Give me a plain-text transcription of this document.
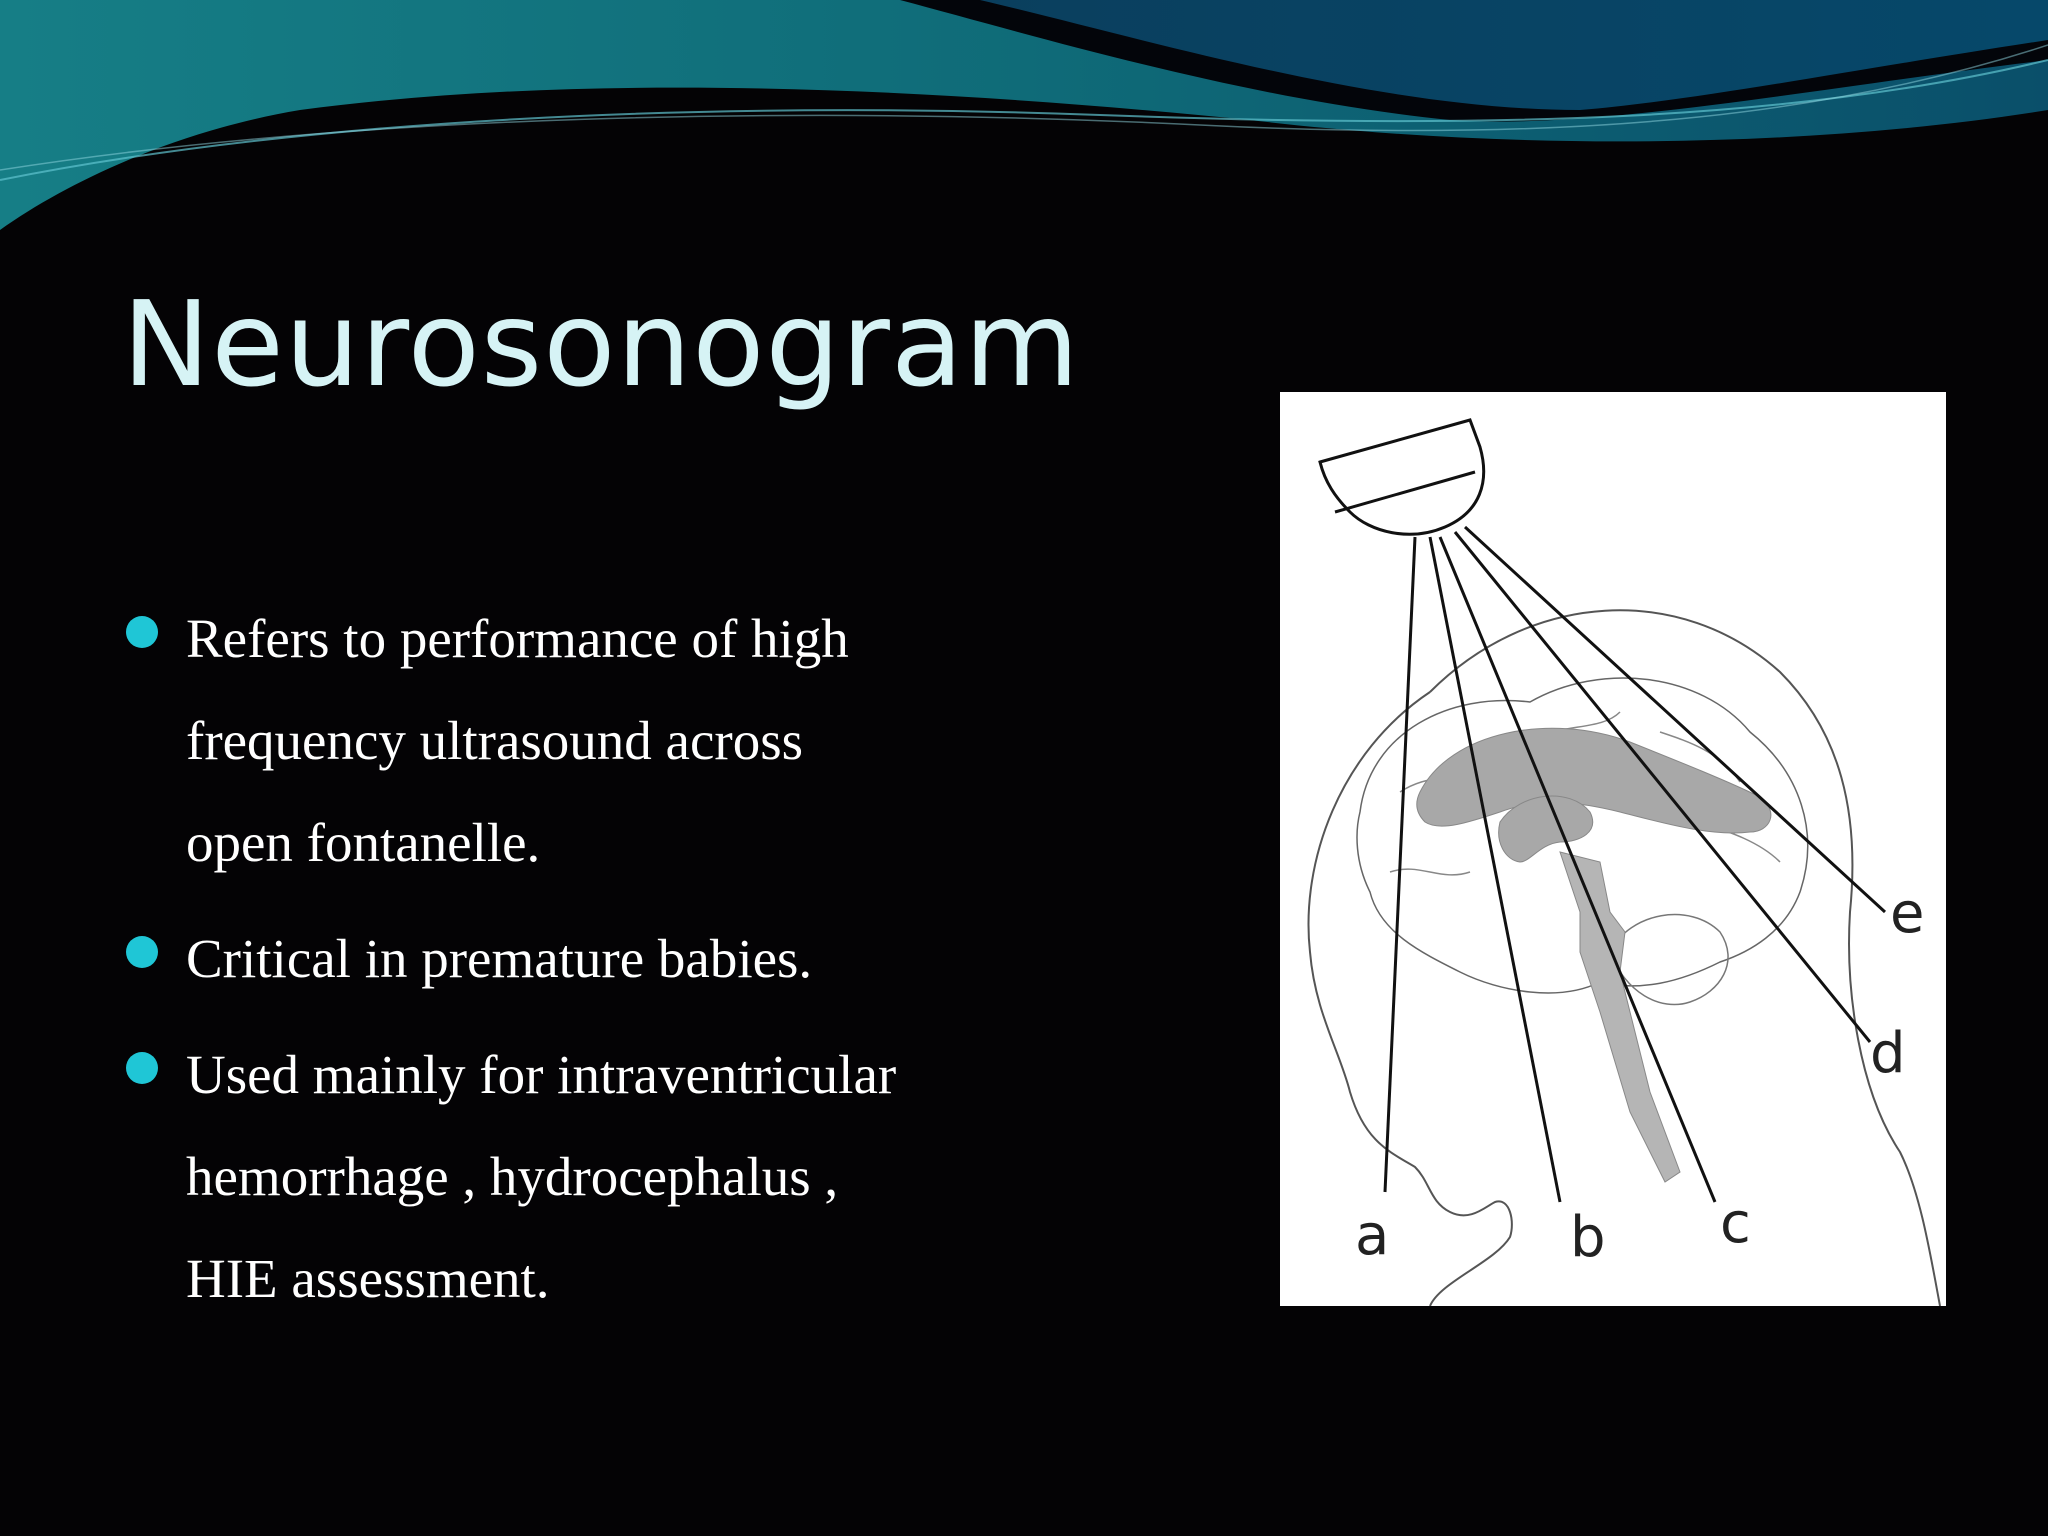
Neurosonogram
Refers to performance of high
frequency ultrasound across
open fontanelle.
Critical in premature babies.
Used mainly for intraventricular
hemorrhage , hydrocephalus ,
HIE assessment.
a	b c
d
e
